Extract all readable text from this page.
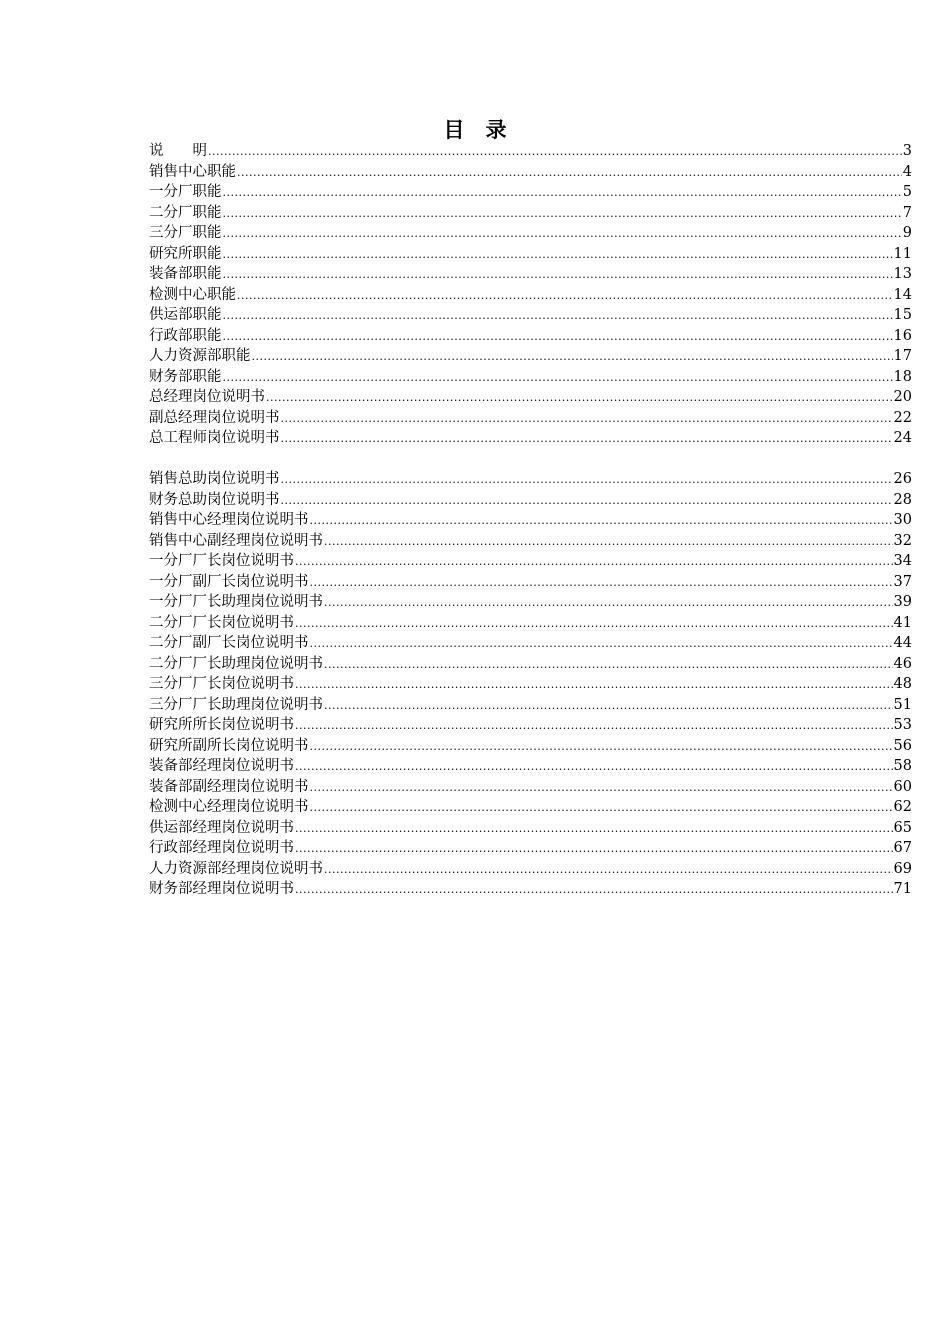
目　录
说　　明 .....	3
销售中心职能 .....	4
一分厂职能 .....	5
二分厂职能 .....	7
三分厂职能 .....	9
研究所职能 .....	11
装备部职能 .....	13
检测中心职能 .....	14
供运部职能 .....	15
行政部职能 .....	16
人力资源部职能 .....	17
财务部职能 .....	18
总经理岗位说明书 .....	20
副总经理岗位说明书 .....	22
总工程师岗位说明书 .....	24
销售总助岗位说明书 .....	26
财务总助岗位说明书 .....	28
销售中心经理岗位说明书 .....	30
销售中心副经理岗位说明书 .....	32
一分厂厂长岗位说明书 .....	34
一分厂副厂长岗位说明书 .....	37
一分厂厂长助理岗位说明书 .....	39
二分厂厂长岗位说明书 .....	41
二分厂副厂长岗位说明书 .....	44
二分厂厂长助理岗位说明书 .....	46
三分厂厂长岗位说明书 .....	48
三分厂厂长助理岗位说明书 .....	51
研究所所长岗位说明书 .....	53
研究所副所长岗位说明书 .....	56
装备部经理岗位说明书 .....	58
装备部副经理岗位说明书 .....	60
检测中心经理岗位说明书 .....	62
供运部经理岗位说明书 .....	65
行政部经理岗位说明书 .....	67
人力资源部经理岗位说明书 .....	69
财务部经理岗位说明书 .....	71
